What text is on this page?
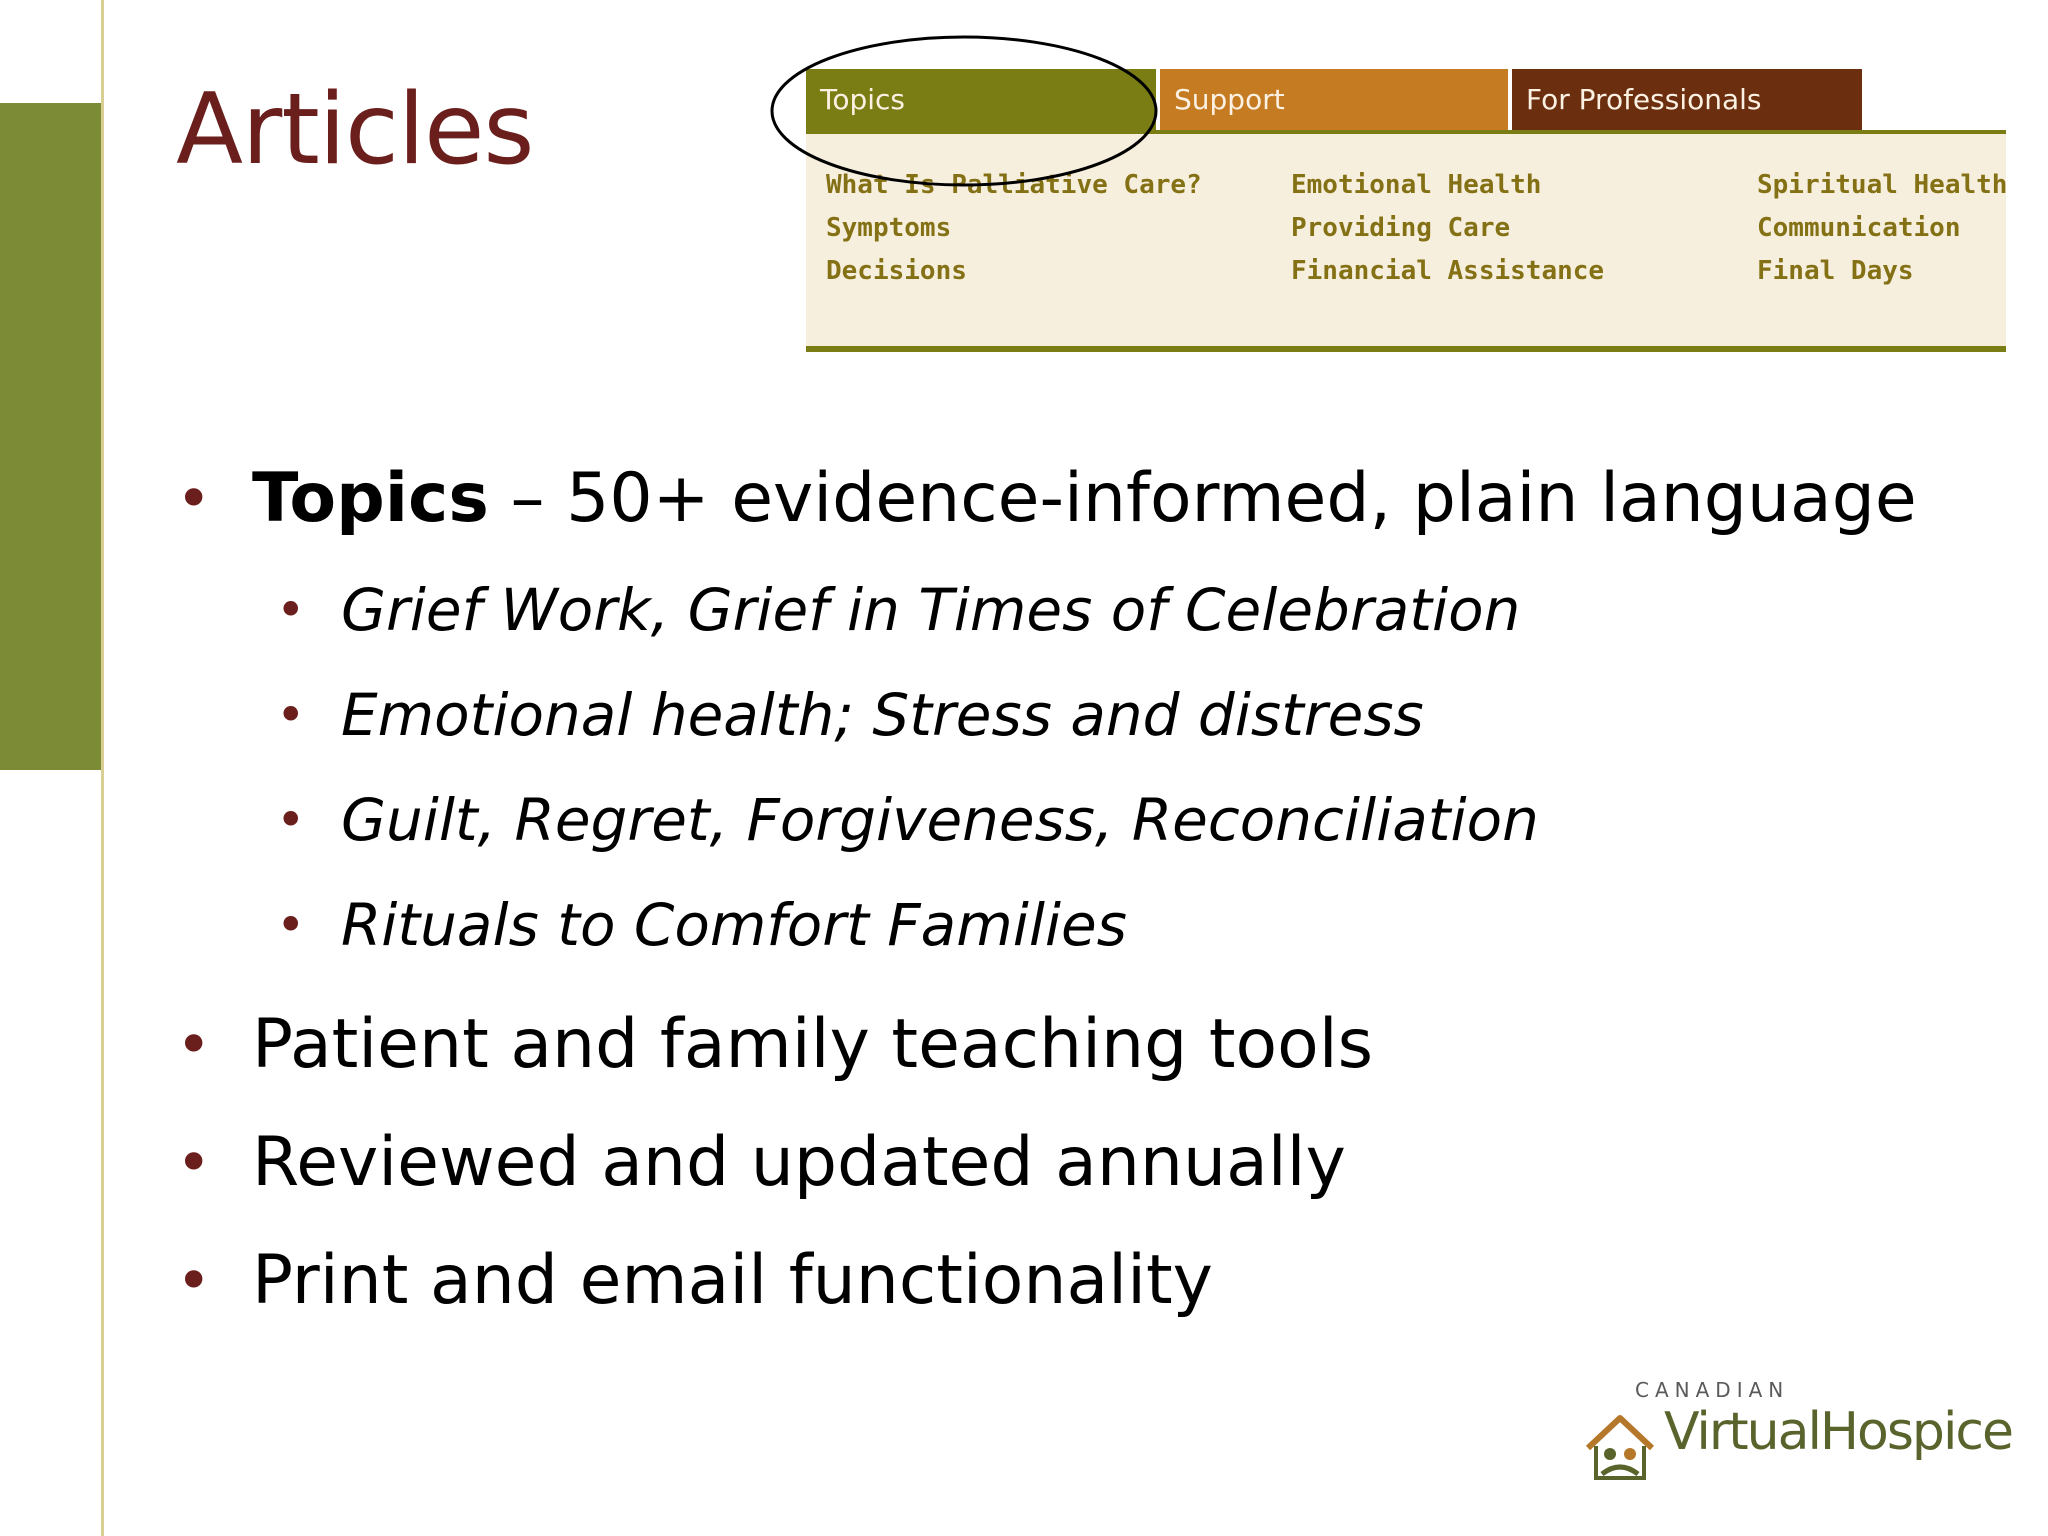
Articles	Topics	Support	For Professionals
What Is Palliative Care?
Symptoms
Decisions
Emotional Health
Providing Care
Financial Assistance
Spiritual Health
Communication
Final Days
• Topics – 50+ evidence-informed, plain language
• Grief Work, Grief in Times of Celebration
• Emotional health; Stress and distress
• Guilt, Regret, Forgiveness, Reconciliation
• Rituals to Comfort Families
• Patient and family teaching tools
• Reviewed and updated annually
• Print and email functionality
CANADIAN
VirtualHospice
